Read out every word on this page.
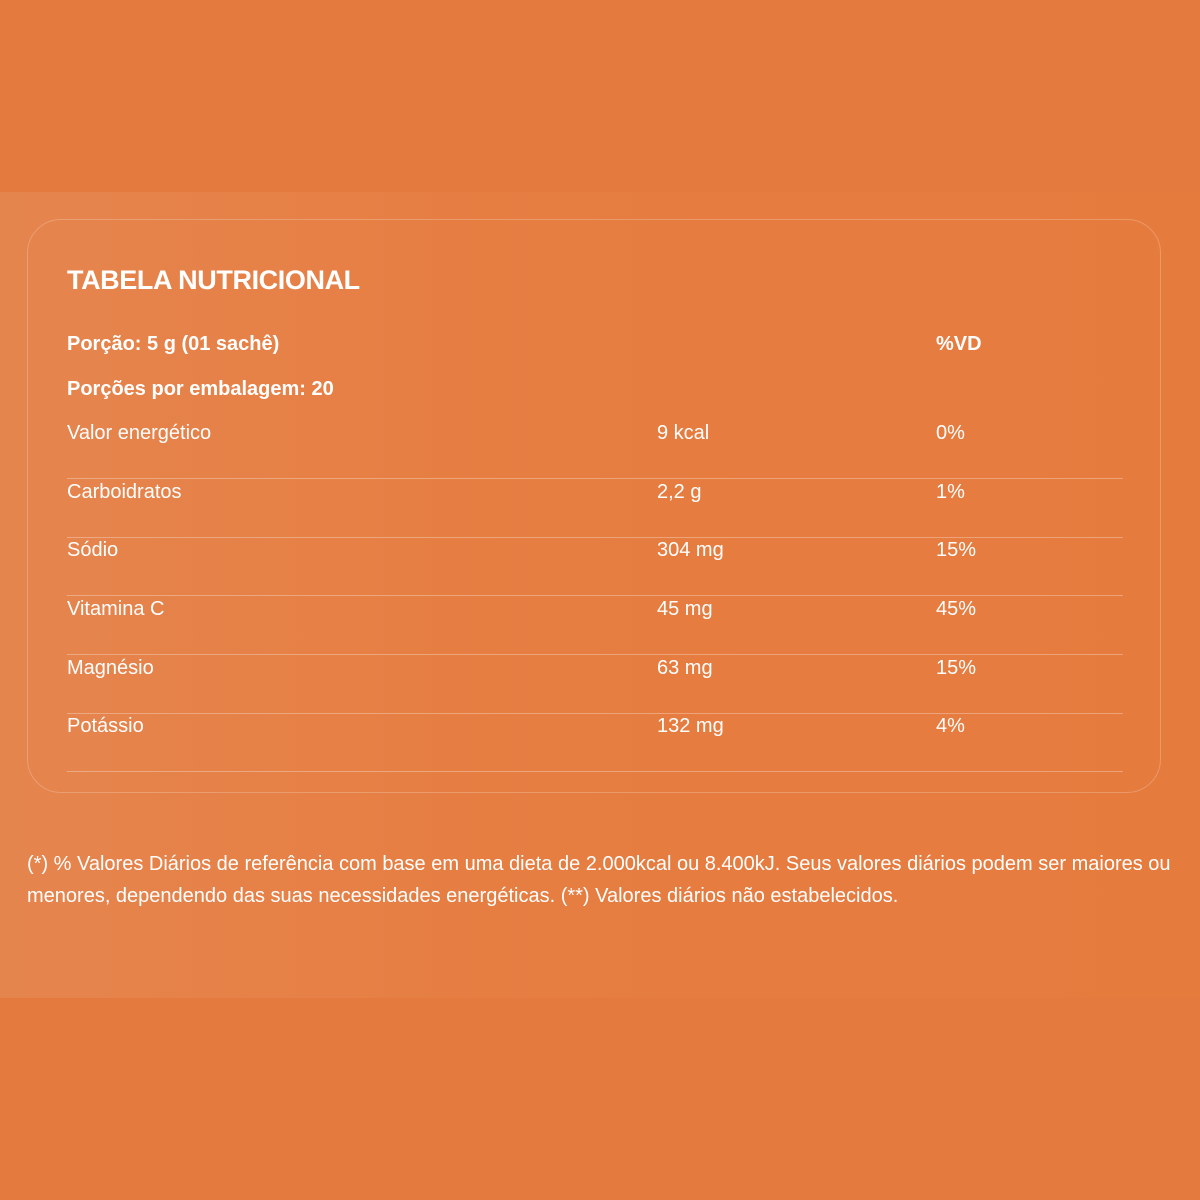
TABELA NUTRICIONAL
Porção: 5 g (01 sachê)	%VD
Porções por embalagem: 20
Valor energético	9 kcal	0%
Carboidratos	2,2 g	1%
Sódio	304 mg	15%
Vitamina C	45 mg	45%
Magnésio	63 mg	15%
Potássio	132 mg	4%

(*) % Valores Diários de referência com base em uma dieta de 2.000kcal ou 8.400kJ. Seus valores diários podem ser maiores ou menores, dependendo das suas necessidades energéticas. (**) Valores diários não estabelecidos.
